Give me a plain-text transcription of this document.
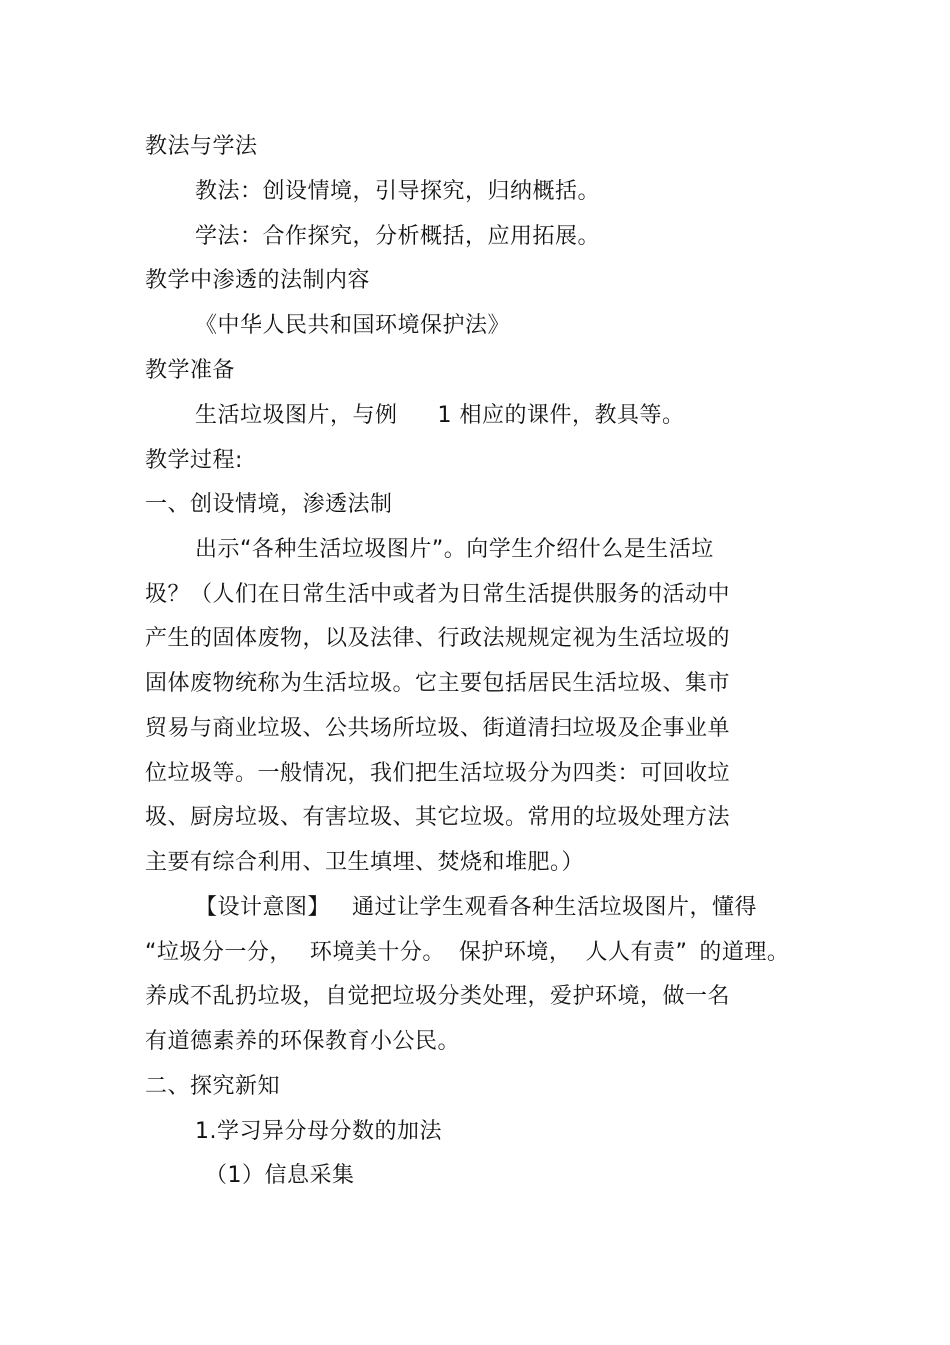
教法与学法
教法：创设情境，引导探究，归纳概括。
学法：合作探究，分析概括，应用拓展。
教学中渗透的法制内容
《中华人民共和国环境保护法》
教学准备
生活垃圾图片，与例 1 相应的课件，教具等。
教学过程:
一、创设情境，渗透法制
出示“各种生活垃圾图片”。向学生介绍什么是生活垃
圾？（人们在日常生活中或者为日常生活提供服务的活动中
产生的固体废物，以及法律、行政法规规定视为生活垃圾的
固体废物统称为生活垃圾。它主要包括居民生活垃圾、集市
贸易与商业垃圾、公共场所垃圾、街道清扫垃圾及企事业单
位垃圾等。一般情况，我们把生活垃圾分为四类：可回收垃
圾、厨房垃圾、有害垃圾、其它垃圾。常用的垃圾处理方法
主要有综合利用、卫生填埋、焚烧和堆肥。）
【设计意图】 通过让学生观看各种生活垃圾图片，懂得
“垃圾分一分， 环境美十分。 保护环境， 人人有责” 的道理。
养成不乱扔垃圾，自觉把垃圾分类处理，爱护环境，做一名
有道德素养的环保教育小公民。
二、探究新知
1.学习异分母分数的加法
（1）信息采集
